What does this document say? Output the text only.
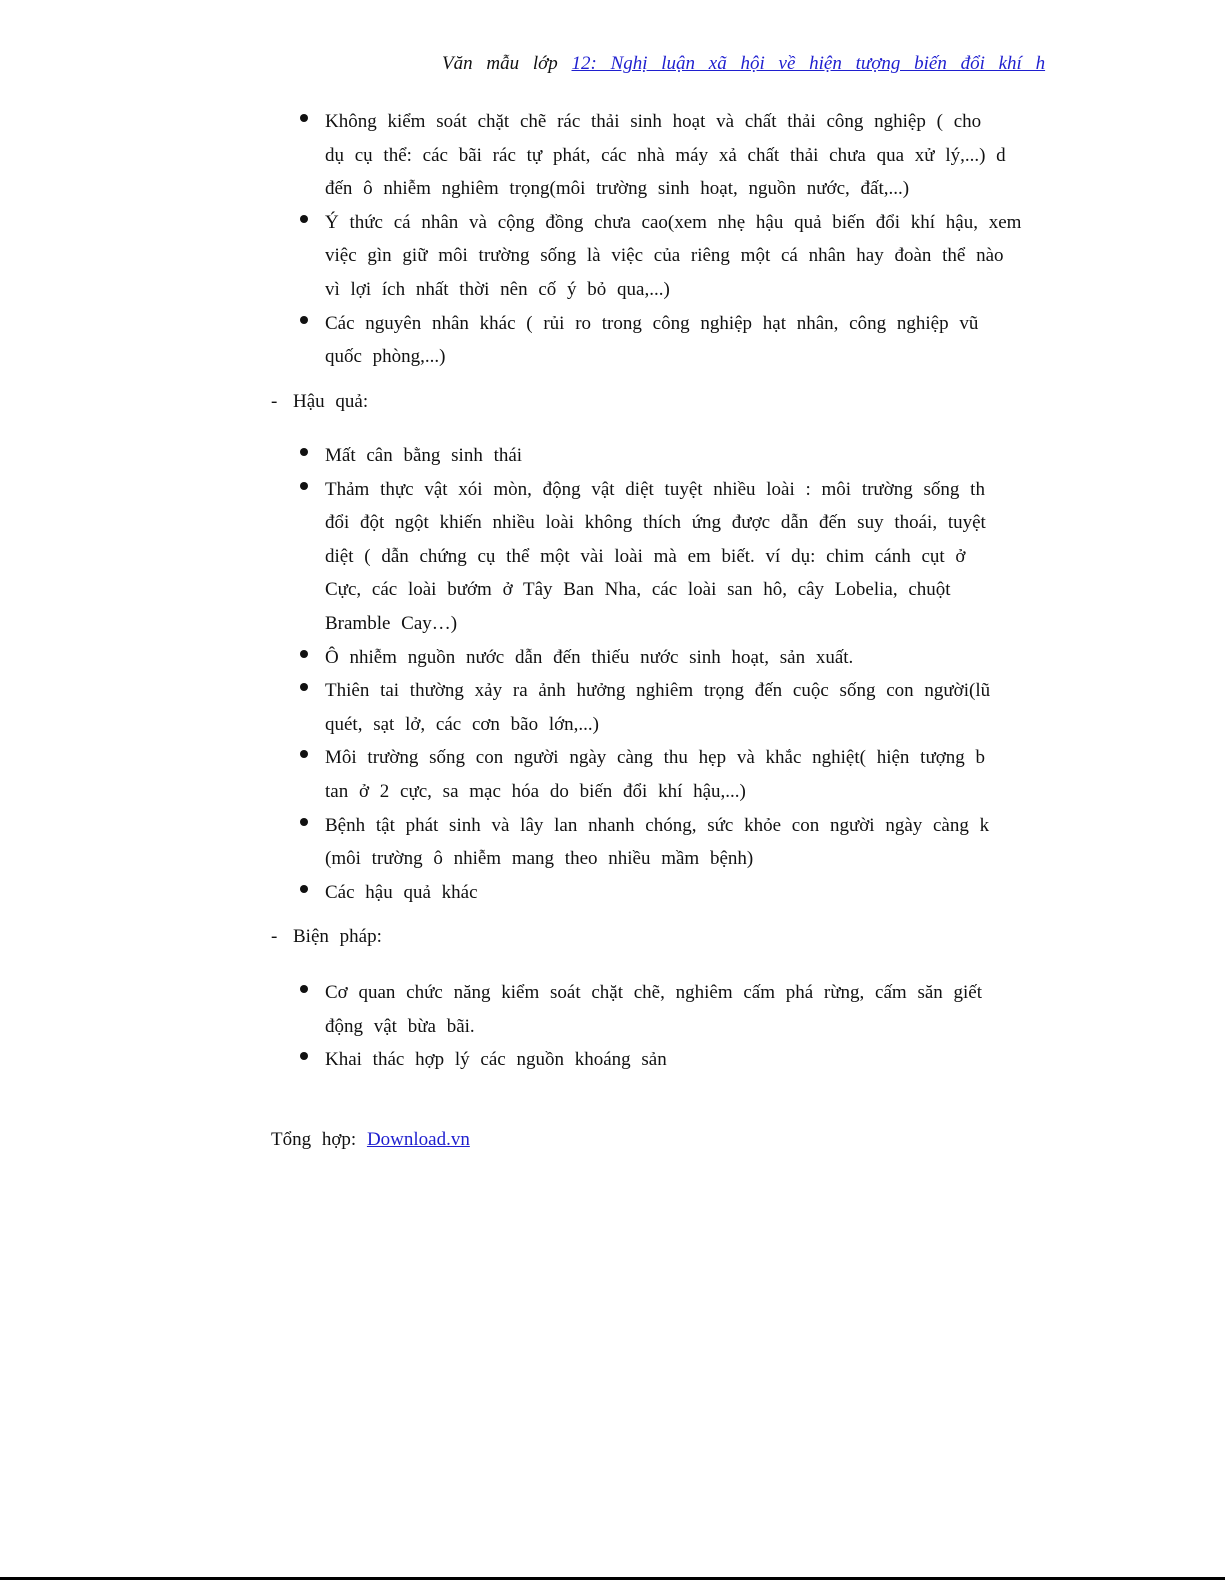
Văn mẫu lớp 12: Nghị luận xã hội về hiện tượng biến đổi khí h
Không kiểm soát chặt chẽ rác thải sinh hoạt và chất thải công nghiệp ( cho
dụ cụ thể: các bãi rác tự phát, các nhà máy xả chất thải chưa qua xử lý,...) d
đến ô nhiễm nghiêm trọng(môi trường sinh hoạt, nguồn nước, đất,...)
Ý thức cá nhân và cộng đồng chưa cao(xem nhẹ hậu quả biến đổi khí hậu, xem
việc gìn giữ môi trường sống là việc của riêng một cá nhân hay đoàn thể nào
vì lợi ích nhất thời nên cố ý bỏ qua,...)
Các nguyên nhân khác ( rủi ro trong công nghiệp hạt nhân, công nghiệp vũ
quốc phòng,...)
- Hậu quả:
Mất cân bằng sinh thái
Thảm thực vật xói mòn, động vật diệt tuyệt nhiều loài : môi trường sống th
đổi đột ngột khiến nhiều loài không thích ứng được dẫn đến suy thoái, tuyệt
diệt ( dẫn chứng cụ thể một vài loài mà em biết. ví dụ: chim cánh cụt ở
Cực, các loài bướm ở Tây Ban Nha, các loài san hô, cây Lobelia, chuột
Bramble Cay…)
Ô nhiễm nguồn nước dẫn đến thiếu nước sinh hoạt, sản xuất.
Thiên tai thường xảy ra ảnh hưởng nghiêm trọng đến cuộc sống con người(lũ
quét, sạt lở, các cơn bão lớn,...)
Môi trường sống con người ngày càng thu hẹp và khắc nghiệt( hiện tượng b
tan ở 2 cực, sa mạc hóa do biến đổi khí hậu,...)
Bệnh tật phát sinh và lây lan nhanh chóng, sức khỏe con người ngày càng k
(môi trường ô nhiễm mang theo nhiều mầm bệnh)
Các hậu quả khác
- Biện pháp:
Cơ quan chức năng kiểm soát chặt chẽ, nghiêm cấm phá rừng, cấm săn giết
động vật bừa bãi.
Khai thác hợp lý các nguồn khoáng sản
Tổng hợp: Download.vn
